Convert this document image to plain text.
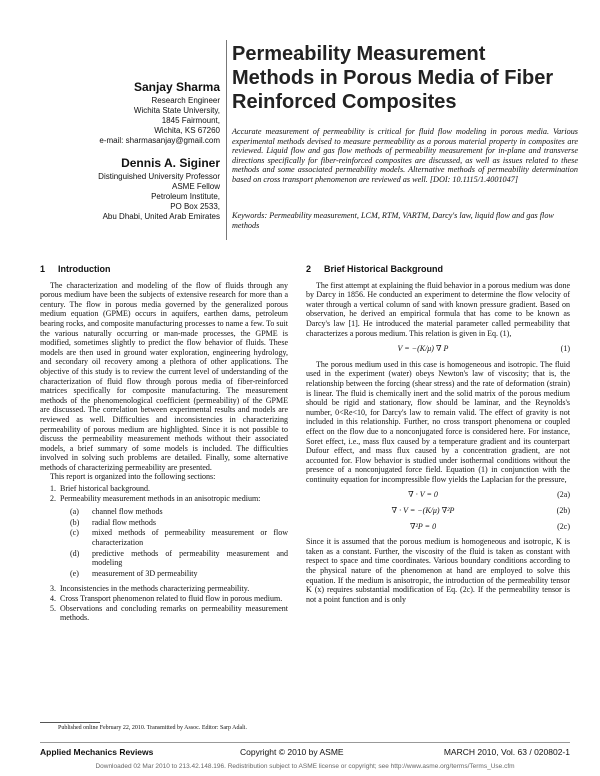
Sanjay Sharma
Research Engineer
Wichita State University,
1845 Fairmount,
Wichita, KS 67260
e-mail: sharmasanjay@gmail.com
Dennis A. Siginer
Distinguished University Professor
ASME Fellow
Petroleum Institute,
PO Box 2533,
Abu Dhabi, United Arab Emirates
Permeability Measurement Methods in Porous Media of Fiber Reinforced Composites
Accurate measurement of permeability is critical for fluid flow modeling in porous media. Various experimental methods devised to measure permeability as a porous material property in composites are reviewed. Liquid flow and gas flow methods of permeability measurement for in-plane and transverse directions specifically for fiber-reinforced composites are discussed, as well as issues related to these methods and some associated permeability models. Alternative methods of permeability determination based on cross transport phenomenon are reviewed as well. [DOI: 10.1115/1.4001047]
Keywords: Permeability measurement, LCM, RTM, VARTM, Darcy's law, liquid flow and gas flow methods
1 Introduction

The characterization and modeling of the flow of fluids through any porous medium have been the subjects of extensive research for more than a century. The flow in porous media governed by the generalized porous medium equation (GPME) occurs in aquifers, earthen dams, petroleum bearing rocks, and composite manufacturing processes to name a few. To suit the various naturally occurring or man-made processes, the GPME is modified, sometimes slightly to predict the flow behavior of fluids. These models are then used in ground water exploration, engineering hydrology, and secondary oil recovery among a plethora of other applications. The objective of this study is to review the current level of understanding of the characterization of fluid flow through porous media of fiber-reinforced matrices specifically for composite manufacturing. The measurement methods of the phenomenological coefficient (permeability) of the GPME are discussed. The correlation between experimental results and models are reviewed as well. Difficulties and inconsistencies in characterizing permeability of porous medium are highlighted. Since it is not possible to discuss the permeability measurement methods without their associated models, a brief summary of some models is included. The difficulties involved in solving such problems are detailed. Finally, some alternative methods of characterizing permeability are presented.

This report is organized into the following sections:

1. Brief historical background.
2. Permeability measurement methods in an anisotropic medium:
(a)	channel flow methods
(b)	radial flow methods
(c)	mixed methods of permeability measurement or flow characterization
(d)	predictive methods of permeability measurement and modeling
(e)	measurement of 3D permeability
3. Inconsistencies in the methods characterizing permeability.
4. Cross Transport phenomenon related to fluid flow in porous medium.
5. Observations and concluding remarks on permeability measurement methods.
2 Brief Historical Background

The first attempt at explaining the fluid behavior in a porous medium was done by Darcy in 1856. He conducted an experiment to determine the flow velocity of water through a vertical column of sand with known pressure gradient. Based on observation, he derived an empirical formula that has come to be known as Darcy's law [1]. He introduced the material parameter called permeability that characterizes a porous medium. This relation is given in Eq. (1),

V = −(K/μ) ∇ P	(1)

The porous medium used in this case is homogeneous and isotropic. The fluid used in the experiment (water) obeys Newton's law of viscosity; that is, the relationship between the forcing (shear stress) and the rate of deformation (strain) is linear. The fluid is chemically inert and the solid matrix of the porous medium should be rigid and stationary, flow should be laminar, and the Reynolds's number, 0<Re<10, for Darcy's law to remain valid. The effect of gravity is not included in this relationship. Further, no cross transport phenomena or coupled effect on the flow due to a nonconjugated force is considered here. For instance, Soret effect, i.e., mass flux caused by a temperature gradient and its counterpart Dufour effect, and mass flux caused by a concentration gradient, are not accounted for. Flow behavior is studied under isothermal conditions without the presence of a nonconjugated force field. Equation (1) in conjunction with the continuity equation for incompressible flow yields the Laplacian for the pressure,

∇ · V = 0	(2a)
∇ · V = −(K/μ) ∇²P	(2b)
∇²P = 0	(2c)

Since it is assumed that the porous medium is homogeneous and isotropic, K is taken as a constant. Further, the viscosity of the fluid is taken as constant with respect to space and time coordinates. Various boundary conditions according to the physical nature of the phenomenon at hand are employed to solve this equation. If the medium is anisotropic, the introduction of the permeability tensor K (x) requires substantial modification of Eq. (2c). If the permeability tensor is not a point function and is only

Published online February 22, 2010. Transmitted by Assoc. Editor: Sarp Adali.
Applied Mechanics Reviews	Copyright © 2010 by ASME	MARCH 2010, Vol. 63 / 020802-1
Downloaded 02 Mar 2010 to 213.42.148.196. Redistribution subject to ASME license or copyright; see http://www.asme.org/terms/Terms_Use.cfm
